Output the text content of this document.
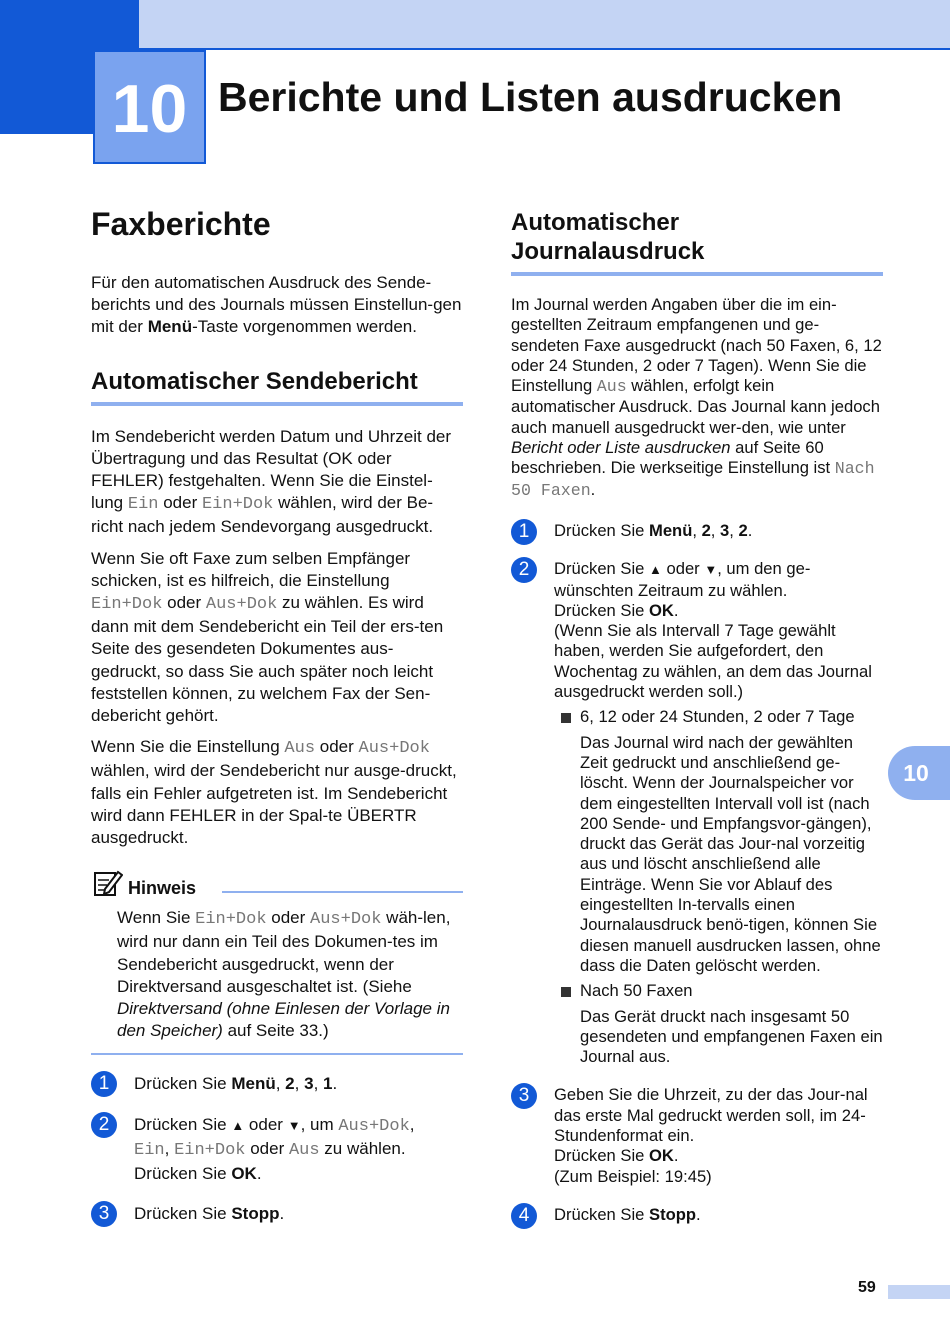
10 Berichte und Listen ausdrucken
Faxberichte

Für den automatischen Ausdruck des Sende-berichts und des Journals müssen Einstellun-gen mit der Menü-Taste vorgenommen werden.

Automatischer Sendebericht

Im Sendebericht werden Datum und Uhrzeit der Übertragung und das Resultat (OK oder FEHLER) festgehalten. Wenn Sie die Einstel-lung Ein oder Ein+Dok wählen, wird der Be-richt nach jedem Sendevorgang ausgedruckt.

Wenn Sie oft Faxe zum selben Empfänger schicken, ist es hilfreich, die Einstellung Ein+Dok oder Aus+Dok zu wählen. Es wird dann mit dem Sendebericht ein Teil der ers-ten Seite des gesendeten Dokumentes aus-gedruckt, so dass Sie auch später noch leicht feststellen können, zu welchem Fax der Sen-debericht gehört.

Wenn Sie die Einstellung Aus oder Aus+Dok wählen, wird der Sendebericht nur ausge-druckt, falls ein Fehler aufgetreten ist. Im Sendebericht wird dann FEHLER in der Spal-te ÜBERTR ausgedruckt.

Hinweis

Wenn Sie Ein+Dok oder Aus+Dok wäh-len, wird nur dann ein Teil des Dokumen-tes im Sendebericht ausgedruckt, wenn der Direktversand ausgeschaltet ist. (Siehe Direktversand (ohne Einlesen der Vorlage in den Speicher) auf Seite 33.)

1	Drücken Sie Menü, 2, 3, 1.
2	Drücken Sie ▲ oder ▼, um Aus+Dok,
Ein, Ein+Dok oder Aus zu wählen.
Drücken Sie OK.
3	Drücken Sie Stopp.
Automatischer
Journalausdruck

Im Journal werden Angaben über die im ein-gestellten Zeitraum empfangenen und ge-sendeten Faxe ausgedruckt (nach 50 Faxen, 6, 12 oder 24 Stunden, 2 oder 7 Tagen). Wenn Sie die Einstellung Aus wählen, erfolgt kein automatischer Ausdruck. Das Journal kann jedoch auch manuell ausgedruckt wer-den, wie unter Bericht oder Liste ausdrucken auf Seite 60 beschrieben. Die werkseitige Einstellung ist Nach 50 Faxen.

1	Drücken Sie Menü, 2, 3, 2.
2	Drücken Sie ▲ oder ▼, um den ge-wünschten Zeitraum zu wählen.
Drücken Sie OK.
(Wenn Sie als Intervall 7 Tage gewählt haben, werden Sie aufgefordert, den Wochentag zu wählen, an dem das Journal ausgedruckt werden soll.)
6, 12 oder 24 Stunden, 2 oder 7 Tage
Das Journal wird nach der gewählten Zeit gedruckt und anschließend ge-löscht. Wenn der Journalspeicher vor dem eingestellten Intervall voll ist (nach 200 Sende- und Empfangsvor-gängen), druckt das Gerät das Jour-nal vorzeitig aus und löscht anschließend alle Einträge. Wenn Sie vor Ablauf des eingestellten In-tervalls einen Journalausdruck benö-tigen, können Sie diesen manuell ausdrucken lassen, ohne dass die Daten gelöscht werden.
Nach 50 Faxen
Das Gerät druckt nach insgesamt 50 gesendeten und empfangenen Faxen ein Journal aus.
3	Geben Sie die Uhrzeit, zu der das Jour-nal das erste Mal gedruckt werden soll, im 24-Stundenformat ein.
Drücken Sie OK.
(Zum Beispiel: 19:45)
4	Drücken Sie Stopp.
10
59
